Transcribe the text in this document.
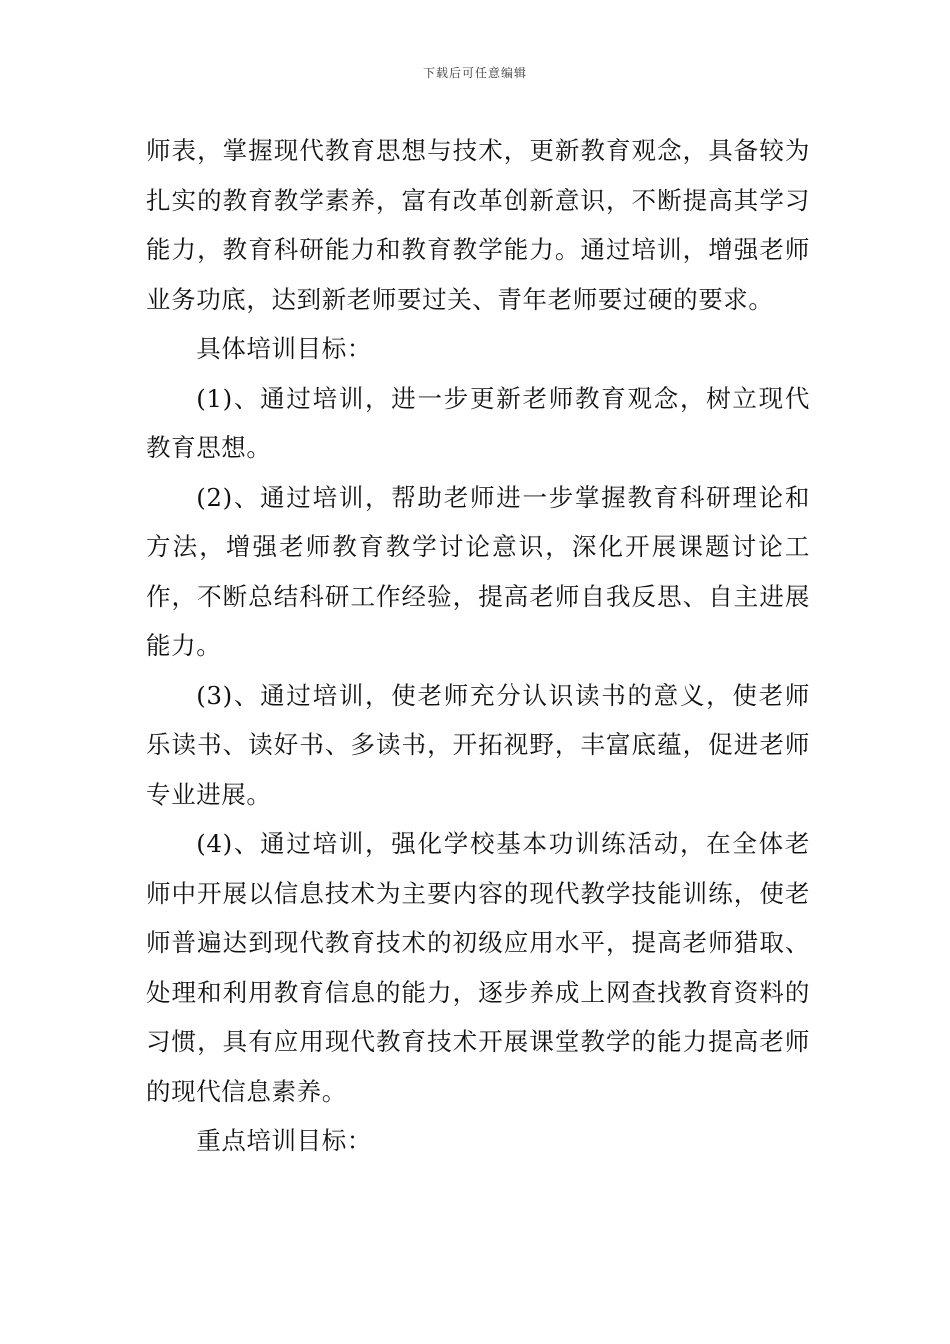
下载后可任意编辑

师表，掌握现代教育思想与技术，更新教育观念，具备较为扎实的教育教学素养，富有改革创新意识，不断提高其学习能力，教育科研能力和教育教学能力。通过培训，增强老师业务功底，达到新老师要过关、青年老师要过硬的要求。

具体培训目标：

(1)、通过培训，进一步更新老师教育观念，树立现代教育思想。

(2)、通过培训，帮助老师进一步掌握教育科研理论和方法，增强老师教育教学讨论意识，深化开展课题讨论工作，不断总结科研工作经验，提高老师自我反思、自主进展能力。

(3)、通过培训，使老师充分认识读书的意义，使老师乐读书、读好书、多读书，开拓视野，丰富底蕴，促进老师专业进展。

(4)、通过培训，强化学校基本功训练活动，在全体老师中开展以信息技术为主要内容的现代教学技能训练，使老师普遍达到现代教育技术的初级应用水平，提高老师猎取、处理和利用教育信息的能力，逐步养成上网查找教育资料的习惯，具有应用现代教育技术开展课堂教学的能力提高老师的现代信息素养。

重点培训目标：
